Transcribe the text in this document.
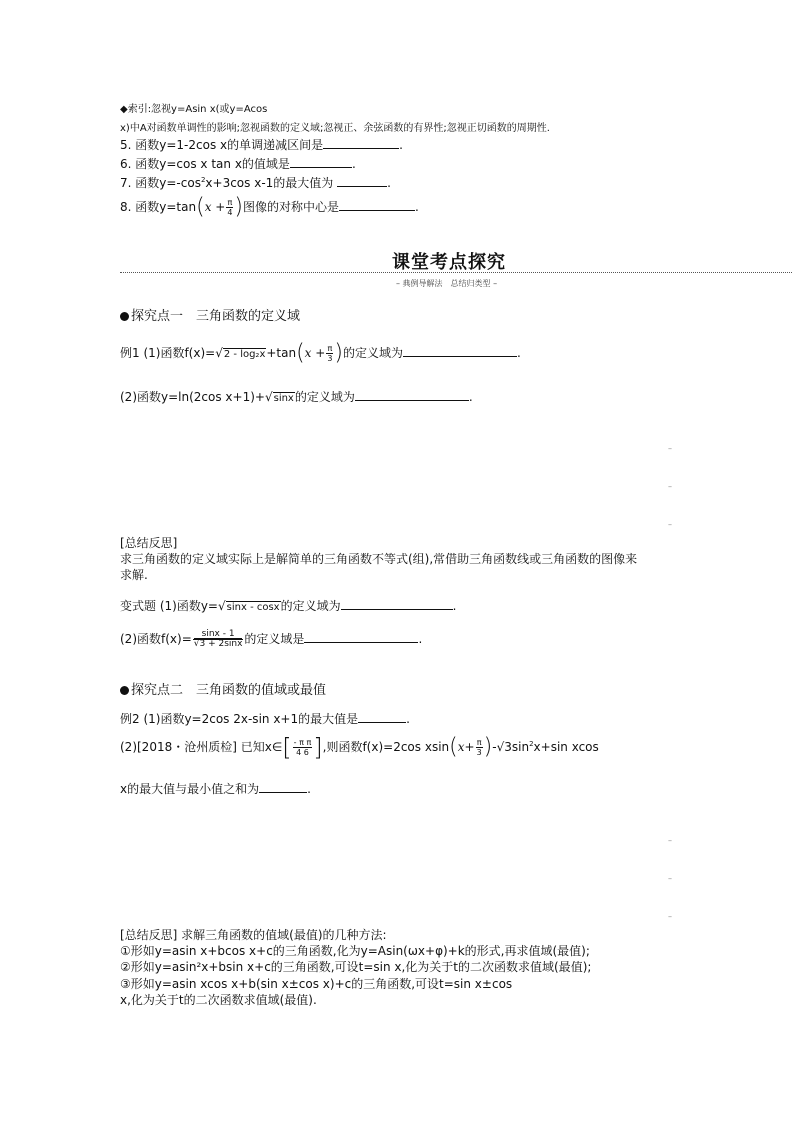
◆索引:忽视y=Asin x(或y=Acos
x)中A对函数单调性的影响;忽视函数的定义域;忽视正、余弦函数的有界性;忽视正切函数的周期性.
5. 函数y=1-2cos x的单调递减区间是	.
6. 函数y=cos x tan x的值域是	.
7. 函数$y=-\cos^2x+3\cos$ x-1的最大值为	.
8. 函数$y=\tan(x + \frac{\pi}{4}$ )图像的对称中心是	.
课堂考点探究
– 典例导解法　总结归类型 –
探究点一　三角函数的定义域
例1 (1)函数$f(x)=√2 - \log_2x+\tan(x + \frac{\pi}{3}$ )的定义域为	.
(2)函数y=ln(2cos x+1)+√sinx的定义域为	.
–
–
–
[总结反思]
求三角函数的定义域实际上是解简单的三角函数不等式(组),常借助三角函数线或三角函数的图像来
求解.
变式题 (1)函数y=√sinx - cosx的定义域为	.
(2)函数$f(x)= \frac{\sin x - 1}{√3 + 2\sin x}$ 的定义域是	.
探究点二　三角函数的值域或最值
例2 (1)函数y=2cos 2x-sin x+1的最大值是	.
(2)[2018・沧州质检] 已知x∈[ $\frac{\text{- π π}}{4 6}$ ],则函数f(x)=2cos $xsin(x+ \frac{\pi}{3} )-√3\sin^2x+\sin$ xcos
x的最大值与最小值之和为	.
–
–
–
[总结反思] 求解三角函数的值域(最值)的几种方法:
①形如y=asin x+bcos x+c的三角函数,化为y=Asin(ωx+φ)+k的形式,再求值域(最值);
②形如y=asin²x+bsin x+c的三角函数,可设t=sin x,化为关于t的二次函数求值域(最值);
③形如y=asin xcos x+b(sin x±cos x)+c的三角函数,可设t=sin x±cos
x,化为关于t的二次函数求值域(最值).
